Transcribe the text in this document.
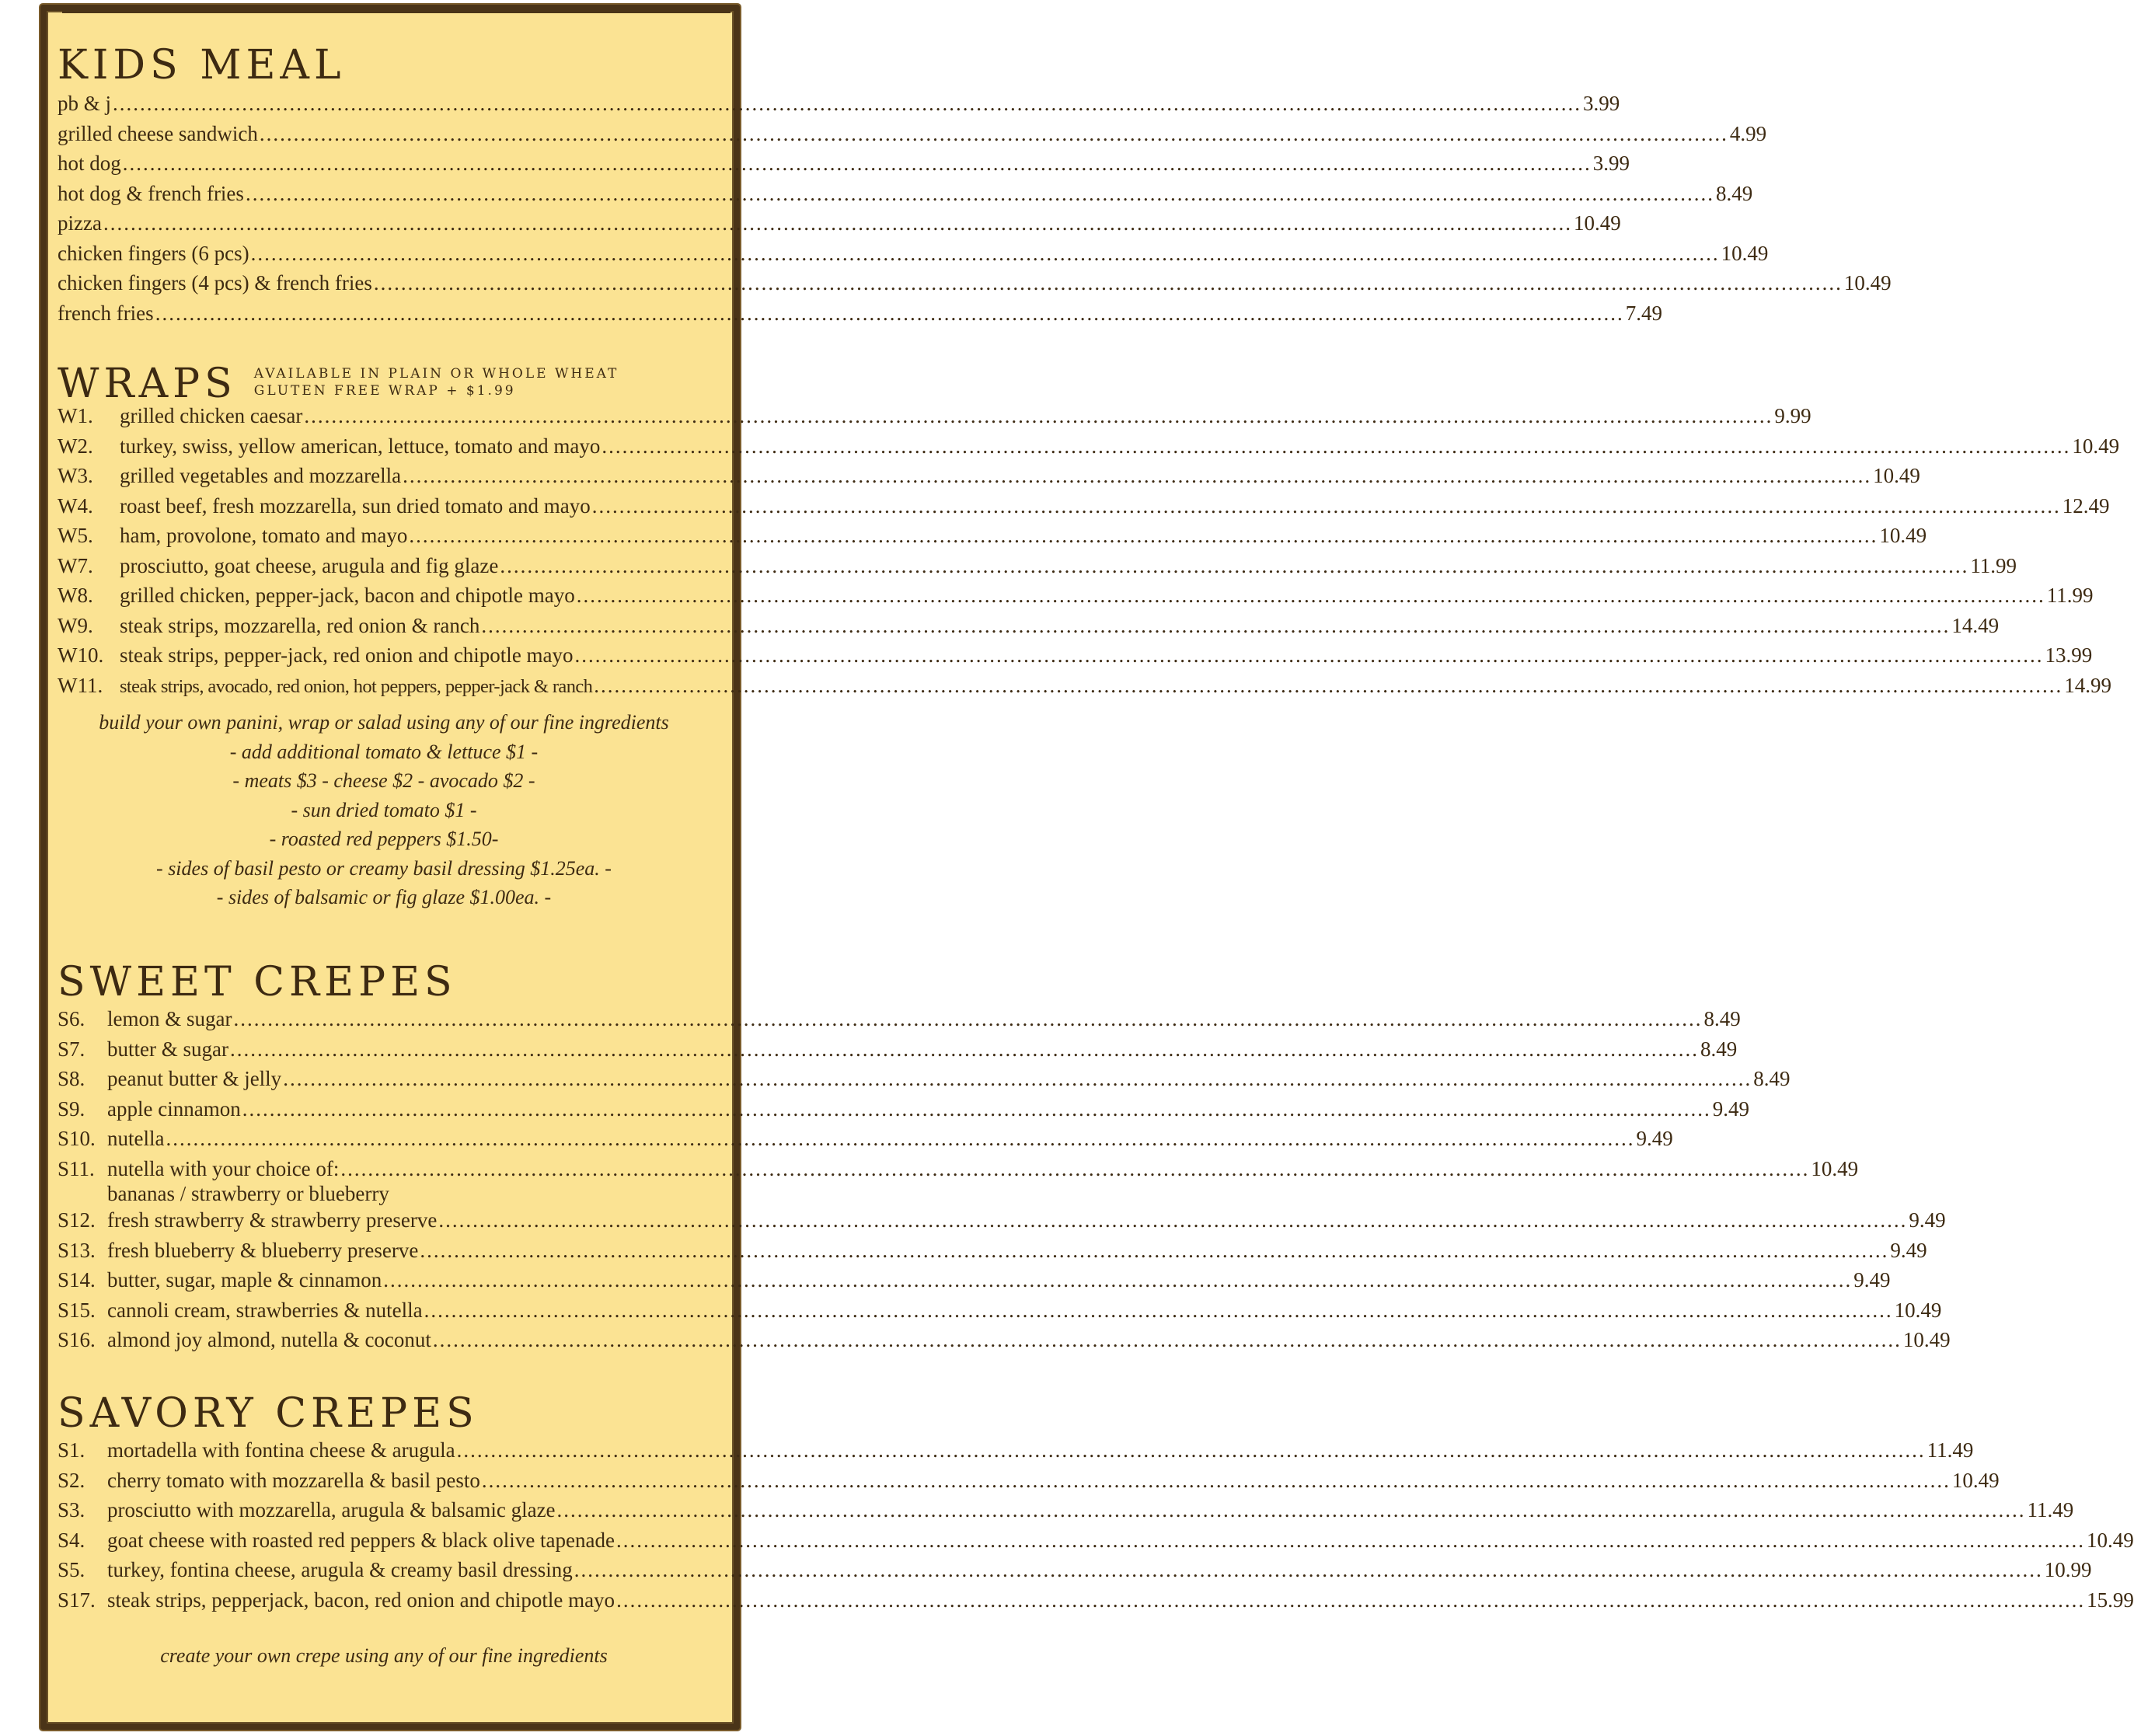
KIDS MEAL
pb & j .....	3.99
grilled cheese sandwich .....	4.99
hot dog .....	3.99
hot dog & french fries .....	8.49
pizza .....	10.49
chicken fingers (6 pcs) .....	10.49
chicken fingers (4 pcs) & french fries .....	10.49
french fries .....	7.49
WRAPS AVAILABLE IN PLAIN OR WHOLE WHEAT
GLUTEN FREE WRAP + $1.99
W1.	grilled chicken caesar .....	9.99
W2.	turkey, swiss, yellow american, lettuce, tomato and mayo .....	10.49
W3.	grilled vegetables and mozzarella .....	10.49
W4.	roast beef, fresh mozzarella, sun dried tomato and mayo .....	12.49
W5.	ham, provolone, tomato and mayo .....	10.49
W7.	prosciutto, goat cheese, arugula and fig glaze .....	11.99
W8.	grilled chicken, pepper-jack, bacon and chipotle mayo .....	11.99
W9.	steak strips, mozzarella, red onion & ranch .....	14.49
W10. steak strips, pepper-jack, red onion and chipotle mayo .....	13.99
W11. steak strips, avocado, red onion, hot peppers, pepper-jack & ranch .....	14.99
build your own panini, wrap or salad using any of our fine ingredients
- add additional tomato & lettuce $1 -
- meats $3 - cheese $2 - avocado $2 -
- sun dried tomato $1 -
- roasted red peppers $1.50-
- sides of basil pesto or creamy basil dressing $1.25ea. -
- sides of balsamic or fig glaze $1.00ea. -
SWEET CREPES
S6.	lemon & sugar .....	8.49
S7.	butter & sugar .....	8.49
S8.	peanut butter & jelly .....	8.49
S9.	apple cinnamon .....	9.49
S10. nutella .....	9.49
S11. nutella with your choice of: .....	10.49
bananas / strawberry or blueberry
S12. fresh strawberry & strawberry preserve .....	9.49
S13. fresh blueberry & blueberry preserve .....	9.49
S14. butter, sugar, maple & cinnamon .....	9.49
S15. cannoli cream, strawberries & nutella .....	10.49
S16. almond joy almond, nutella & coconut .....	10.49
SAVORY CREPES
S1.	mortadella with fontina cheese & arugula .....	11.49
S2.	cherry tomato with mozzarella & basil pesto .....	10.49
S3.	prosciutto with mozzarella, arugula & balsamic glaze .....	11.49
S4.	goat cheese with roasted red peppers & black olive tapenade .....	10.49
S5.	turkey, fontina cheese, arugula & creamy basil dressing .....	10.99
S17. steak strips, pepperjack, bacon, red onion and chipotle mayo .....	15.99
create your own crepe using any of our fine ingredients
